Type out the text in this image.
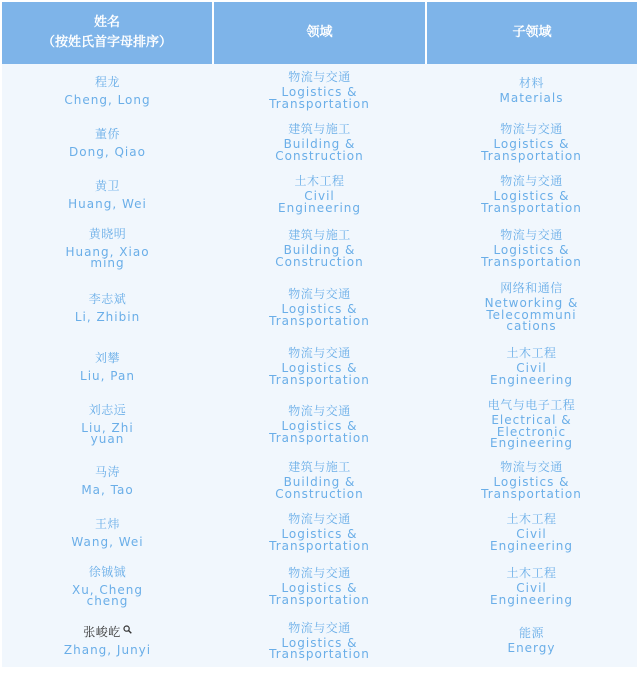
姓名
（按姓氏首字母排序）	领域	子领域

程龙
Cheng, Long	物流与交通
Logistics &
Transportation	材料
Materials

董侨
Dong, Qiao	建筑与施工
Building &
Construction	物流与交通
Logistics &
Transportation

黄卫
Huang, Wei	土木工程
Civil
Engineering	物流与交通
Logistics &
Transportation

黄晓明
Huang, Xiao
ming	建筑与施工
Building &
Construction	物流与交通
Logistics &
Transportation

李志斌
Li, Zhibin	物流与交通
Logistics &
Transportation	网络和通信
Networking &
Telecommuni
cations

刘攀
Liu, Pan	物流与交通
Logistics &
Transportation	土木工程
Civil
Engineering

刘志远
Liu, Zhi
yuan	物流与交通
Logistics &
Transportation	电气与电子工程
Electrical &
Electronic
Engineering

马涛
Ma, Tao	建筑与施工
Building &
Construction	物流与交通
Logistics &
Transportation

王炜
Wang, Wei	物流与交通
Logistics &
Transportation	土木工程
Civil
Engineering

徐铖铖
Xu, Cheng
cheng	物流与交通
Logistics &
Transportation	土木工程
Civil
Engineering

张峻屹
Zhang, Junyi	物流与交通
Logistics &
Transportation	能源
Energy
